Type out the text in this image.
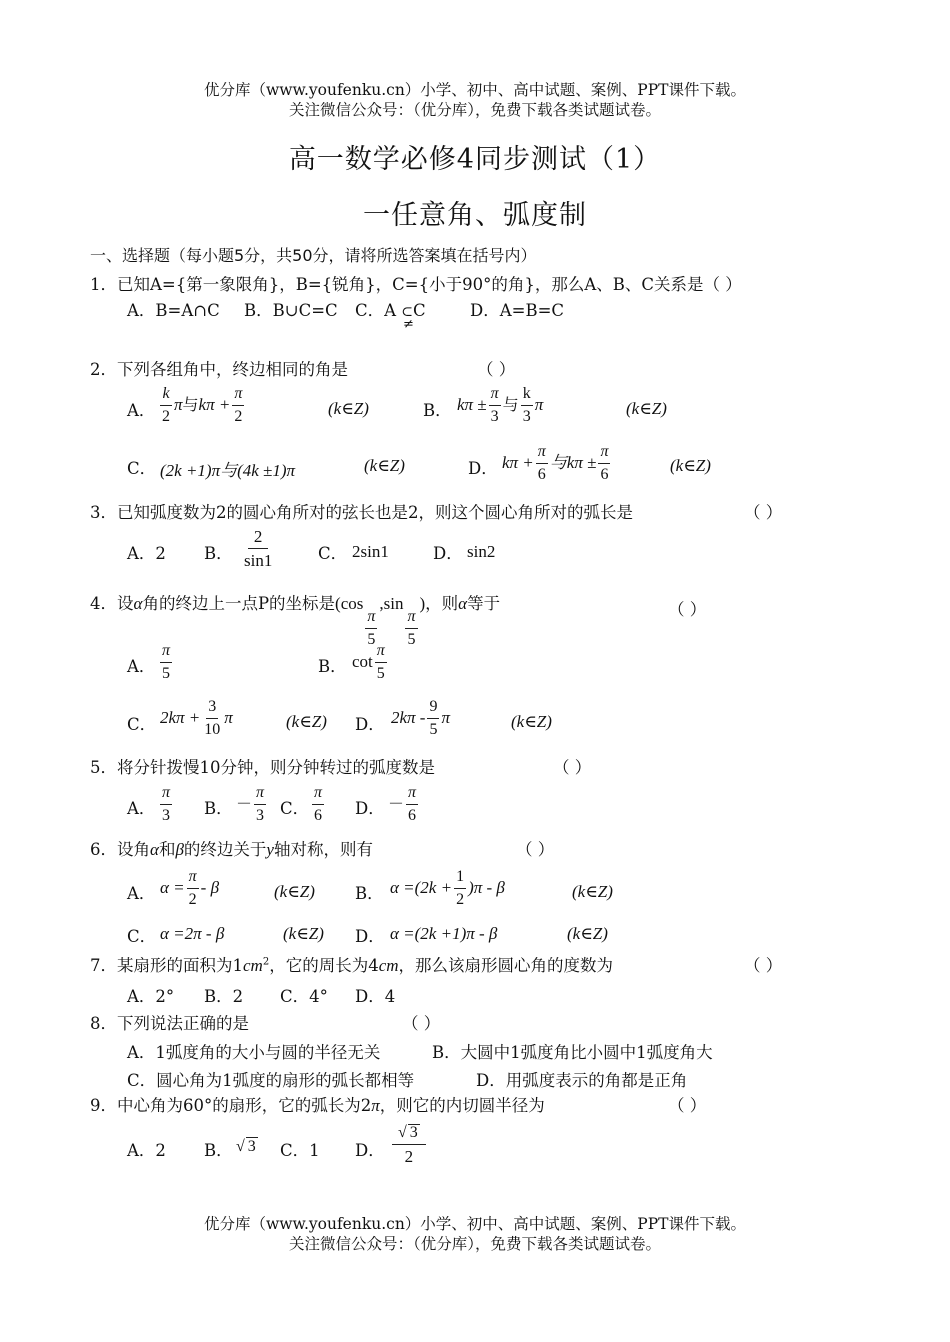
优分库（www.youfenku.cn）小学、初中、高中试题、案例、PPT课件下载。
关注微信公众号：（优分库），免费下载各类试题试卷。
高一数学必修4同步测试（1）
一任意角、弧度制
一、选择题（每小题5分，共50分，请将所选答案填在括号内）
1．已知A={第一象限角}，B={锐角}，C={小于90°的角}，那么A、B、C关系是（ ）
A．B=A∩C B．B∪C=C C．A ⊂C
≠
D．A=B=C
2．下列各组角中，终边相同的角是	（ ）
A． $\frac{k}{2}$ π与$k\pi + \frac{\pi}{2}$	(k∈Z)	B． $k\pi \pm \frac{\pi}{3}$ 与 $\frac{k}{3}$ π	(k∈Z)
C． (2k +1)π与(4k ±1)π	(k∈Z)	D． $k\pi + \frac{\pi}{6}$ 与$k\pi \pm \frac{\pi}{6}$	(k∈Z)
3．已知弧度数为2的圆心角所对的弦长也是2，则这个圆心角所对的弧长是	（ ）
A．2 B． $\frac{2}{\sin 1}$ C． 2sin1	D． sin2
4．设α角的终边上一点P的坐标是(cos
$\frac{\pi}{5}$
,sin
$\frac{\pi}{5}$
)，则α等于	（ ）
A． $\frac{\pi}{5}$	B． $\cot \frac{\pi}{5}$
C． $2k\pi + \frac{3}{10}$ π	(k∈Z) D． $2k\pi - \frac{9}{5}$ π	(k∈Z)
5．将分针拨慢10分钟，则分钟转过的弧度数是	（ ）
A． $\frac{\pi}{3}$ B． － $\frac{\pi}{3}$ C． $\frac{\pi}{6}$ D． － $\frac{\pi}{6}$
6．设角α和β的终边关于y轴对称，则有	（ ）
A． $\alpha = \frac{\pi}{2} - \beta$	(k∈Z) B． $\alpha =(2k + \frac{1}{2} )\pi - \beta$	(k∈Z)
C． α =2π - β	(k∈Z) D． α =(2k +1)π - β	(k∈Z)
7．某扇形的面积为$1cm^2$，它的周长为4cm，那么该扇形圆心角的度数为	（ ）
A．2° B．2 C．4° D．4
8．下列说法正确的是	（ ）
A．1弧度角的大小与圆的半径无关	B．大圆中1弧度角比小圆中1弧度角大
C．圆心角为1弧度的扇形的弧长都相等	D．用弧度表示的角都是正角
9．中心角为60°的扇形，它的弧长为2π，则它的内切圆半径为	（ ）
A．2 B． √ 3 C．1 D． $\frac{√ 3}{2}$
优分库（www.youfenku.cn）小学、初中、高中试题、案例、PPT课件下载。
关注微信公众号：（优分库），免费下载各类试题试卷。
